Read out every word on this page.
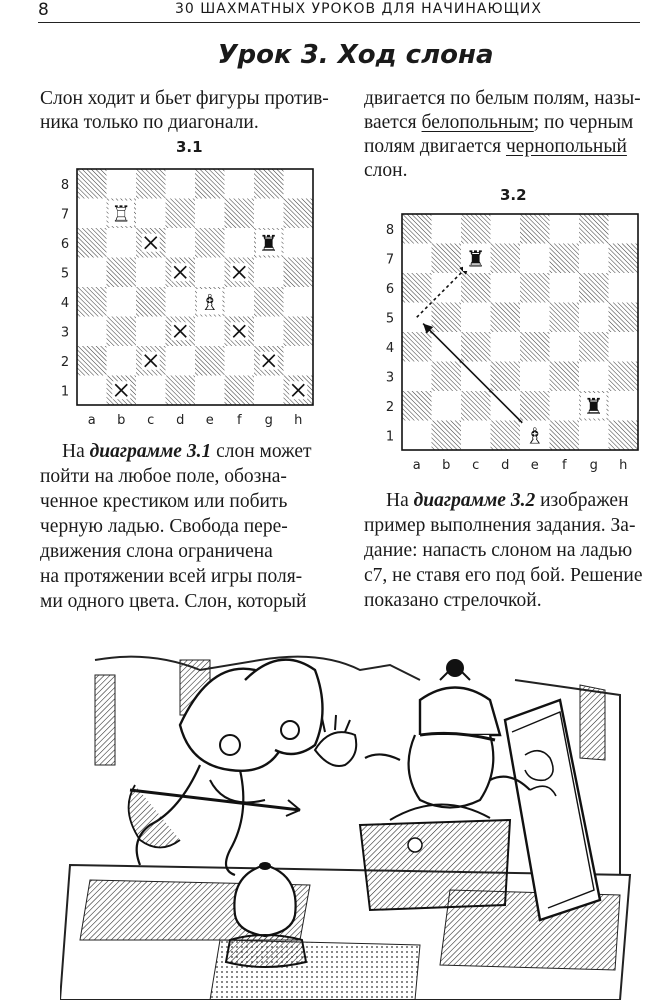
8	30 ШАХМАТНЫХ УРОКОВ ДЛЯ НАЧИНАЮЩИХ
Урок 3. Ход слона
Слон ходит и бьет фигуры против-
ника только по диагонали.
двигается по белым полям, назы-
вается белопольным; по черным
полям двигается чернопольный
слон.
3.1
3.2
8
7
6
5
4
3
2
1
a b c d e f g h
♖
♜
♗
8
7
6
5
4
3
2
1
a b c d e f g h
♜
♜
♗
На диаграмме 3.1 слон может
пойти на любое поле, обозна-
ченное крестиком или побить
черную ладью. Свобода пере-
движения слона ограничена
на протяжении всей игры поля-
ми одного цвета. Слон, который
На диаграмме 3.2 изображен
пример выполнения задания. За-
дание: напасть слоном на ладью
c7, не ставя его под бой. Решение
показано стрелочкой.
